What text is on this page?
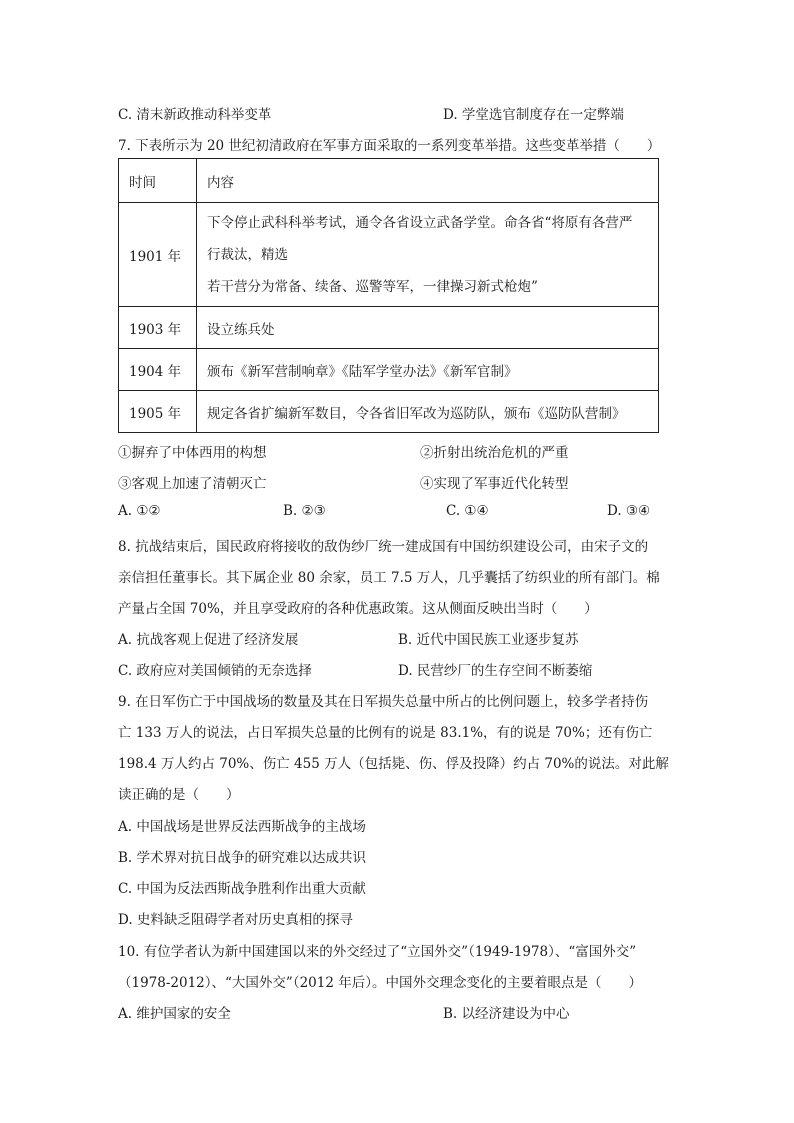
C. 清末新政推动科举变革	D. 学堂选官制度存在一定弊端
7. 下表所示为 20 世纪初清政府在军事方面采取的一系列变革举措。这些变革举措（　　）
时间	内容
1901 年	下令停止武科科举考试，通令各省设立武备学堂。命各省“将原有各营严
行裁汰，精选
若干营分为常备、续备、巡警等军，一律操习新式枪炮”

1903 年	设立练兵处
1904 年	颁布《新军营制响章》《陆军学堂办法》《新军官制》
1905 年	规定各省扩编新军数目，令各省旧军改为巡防队，颁布《巡防队营制》
①摒弃了中体西用的构想	②折射出统治危机的严重
③客观上加速了清朝灭亡	④实现了军事近代化转型
A. ①②	B. ②③	C. ①④	D. ③④
8. 抗战结束后，国民政府将接收的敌伪纱厂统一建成国有中国纺织建设公司，由宋子文的
亲信担任董事长。其下属企业 80 余家，员工 7.5 万人，几乎囊括了纺织业的所有部门。棉
产量占全国 70%，并且享受政府的各种优惠政策。这从侧面反映出当时（　　）
A. 抗战客观上促进了经济发展	B. 近代中国民族工业逐步复苏
C. 政府应对美国倾销的无奈选择	D. 民营纱厂的生存空间不断萎缩
9. 在日军伤亡于中国战场的数量及其在日军损失总量中所占的比例问题上，较多学者持伤
亡 133 万人的说法，占日军损失总量的比例有的说是 83.1%，有的说是 70%；还有伤亡
198.4 万人约占 70%、伤亡 455 万人（包括毙、伤、俘及投降）约占 70%的说法。对此解
读正确的是（　　）
A. 中国战场是世界反法西斯战争的主战场
B. 学术界对抗日战争的研究难以达成共识
C. 中国为反法西斯战争胜利作出重大贡献
D. 史料缺乏阻碍学者对历史真相的探寻
10. 有位学者认为新中国建国以来的外交经过了“立国外交”（1949-1978）、“富国外交”
（1978-2012）、“大国外交”（2012 年后）。中国外交理念变化的主要着眼点是（　　）
A. 维护国家的安全	B. 以经济建设为中心
